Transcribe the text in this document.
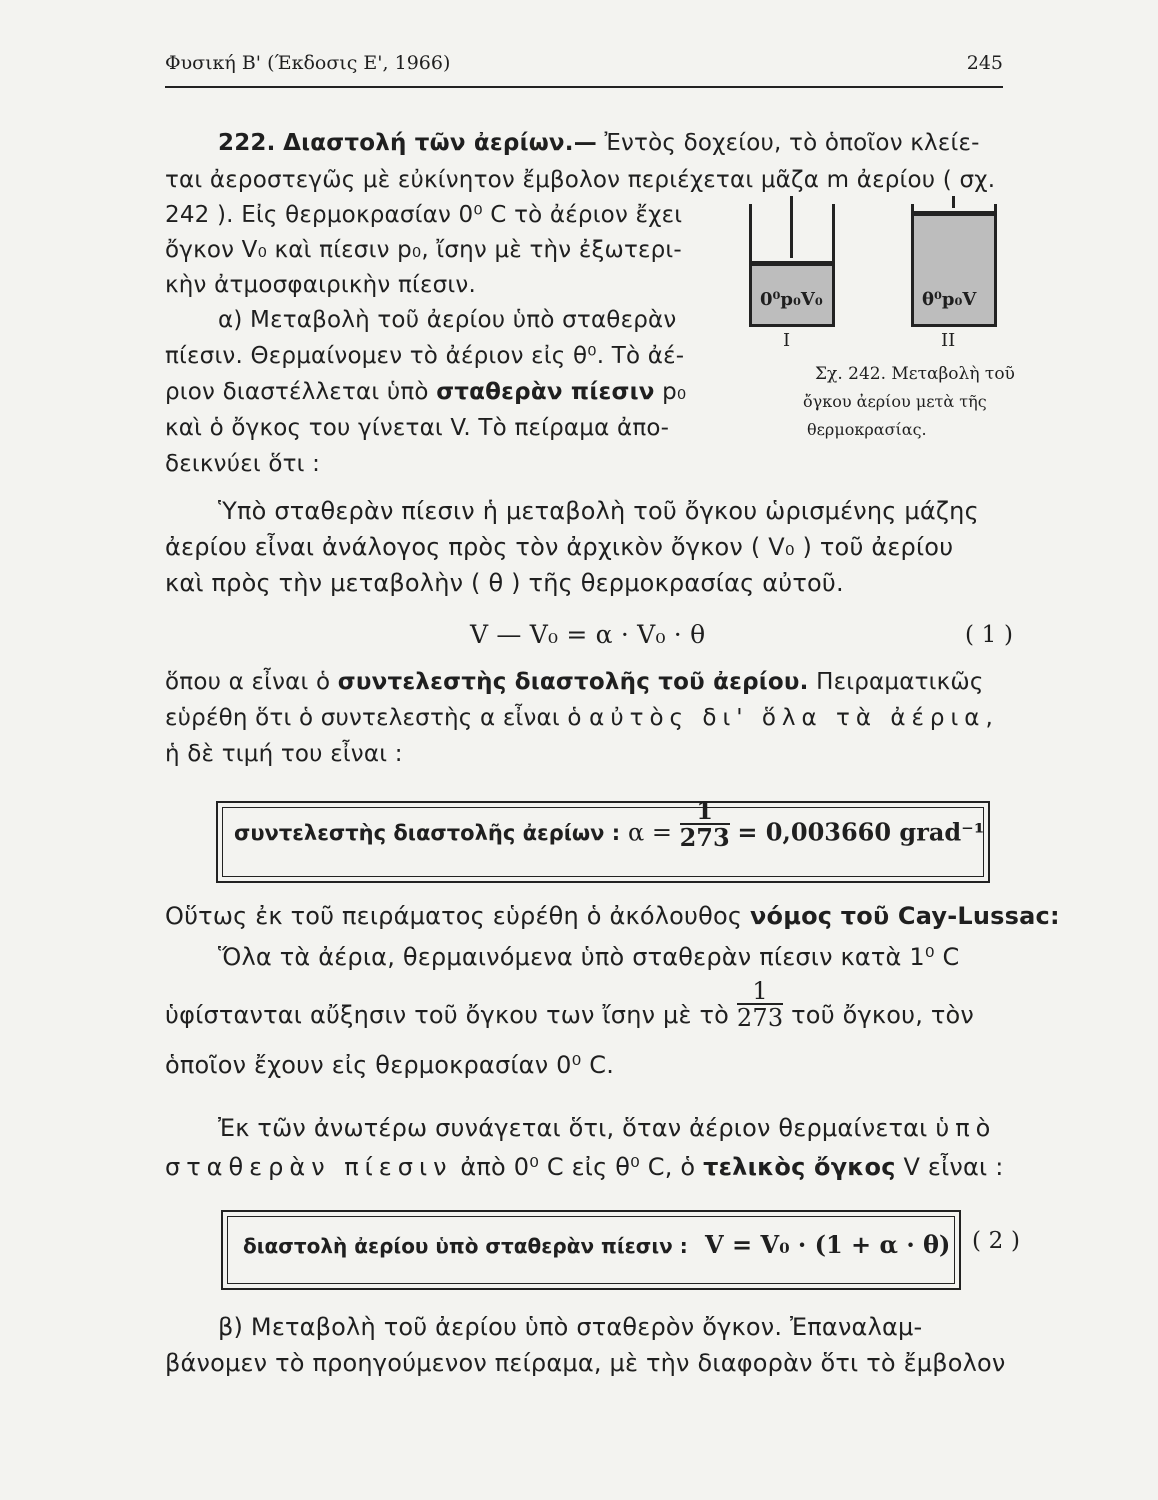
Φυσική Β' (Έκδοσις Ε', 1966)	245
222. Διαστολή τῶν ἀερίων.— Ἐντὸς δοχείου, τὸ ὁποῖον κλείε-
ται ἀεροστεγῶς μὲ εὐκίνητον ἔμβολον περιέχεται μᾶζα m ἀερίου ( σχ.
242 ). Εἰς θερμοκρασίαν 0⁰ C τὸ ἀέριον ἔχει
ὄγκον V₀ καὶ πίεσιν p₀, ἴσην μὲ τὴν ἐξωτερι-
κὴν ἀτμοσφαιρικὴν πίεσιν.
α) Μεταβολὴ τοῦ ἀερίου ὑπὸ σταθερὰν
πίεσιν. Θερμαίνομεν τὸ ἀέριον εἰς θ⁰. Τὸ ἀέ-
ριον διαστέλλεται ὑπὸ σταθερὰν πίεσιν p₀
καὶ ὁ ὄγκος του γίνεται V. Τὸ πείραμα ἀπο-
δεικνύει ὅτι :
0⁰p₀V₀
I
θ⁰p₀V
II
Σχ. 242. Μεταβολὴ τοῦ
ὄγκου ἀερίου μετὰ τῆς
θερμοκρασίας.
Ὑπὸ σταθερὰν πίεσιν ἡ μεταβολὴ τοῦ ὄγκου ὡρισμένης μάζης
ἀερίου εἶναι ἀνάλογος πρὸς τὸν ἀρχικὸν ὄγκον ( V₀ ) τοῦ ἀερίου
καὶ πρὸς τὴν μεταβολὴν ( θ ) τῆς θερμοκρασίας αὐτοῦ.
V — V₀ = α · V₀ · θ	( 1 )
ὅπου α εἶναι ὁ συντελεστὴς διαστολῆς τοῦ ἀερίου. Πειραματικῶς
εὑρέθη ὅτι ὁ συντελεστὴς α εἶναι ὁ αὐτὸς δι' ὅλα τὰ ἀέρια,
ἡ δὲ τιμή του εἶναι :
συντελεστὴς διαστολῆς ἀερίων : $\alpha = \frac{1}{273} = 0,003660$ grad⁻¹
Οὕτως ἐκ τοῦ πειράματος εὑρέθη ὁ ἀκόλουθος νόμος τοῦ Cay-Lussac:
Ὅλα τὰ ἀέρια, θερμαινόμενα ὑπὸ σταθερὰν πίεσιν κατὰ 1⁰ C
ὑφίστανται αὔξησιν τοῦ ὄγκου των ἴσην μὲ τὸ $\frac{1}{273}$ τοῦ ὄγκου, τὸν
ὁποῖον ἔχουν εἰς θερμοκρασίαν 0⁰ C.
Ἐκ τῶν ἀνωτέρω συνάγεται ὅτι, ὅταν ἀέριον θερμαίνεται ὑπὸ
σταθερὰν πίεσιν ἀπὸ 0⁰ C εἰς θ⁰ C, ὁ τελικὸς ὄγκος V εἶναι :
διαστολὴ ἀερίου ὑπὸ σταθερὰν πίεσιν : V = V₀ · (1 + α · θ) ( 2 )
β) Μεταβολὴ τοῦ ἀερίου ὑπὸ σταθερὸν ὄγκον. Ἐπαναλαμ-
βάνομεν τὸ προηγούμενον πείραμα, μὲ τὴν διαφορὰν ὅτι τὸ ἔμβολον
